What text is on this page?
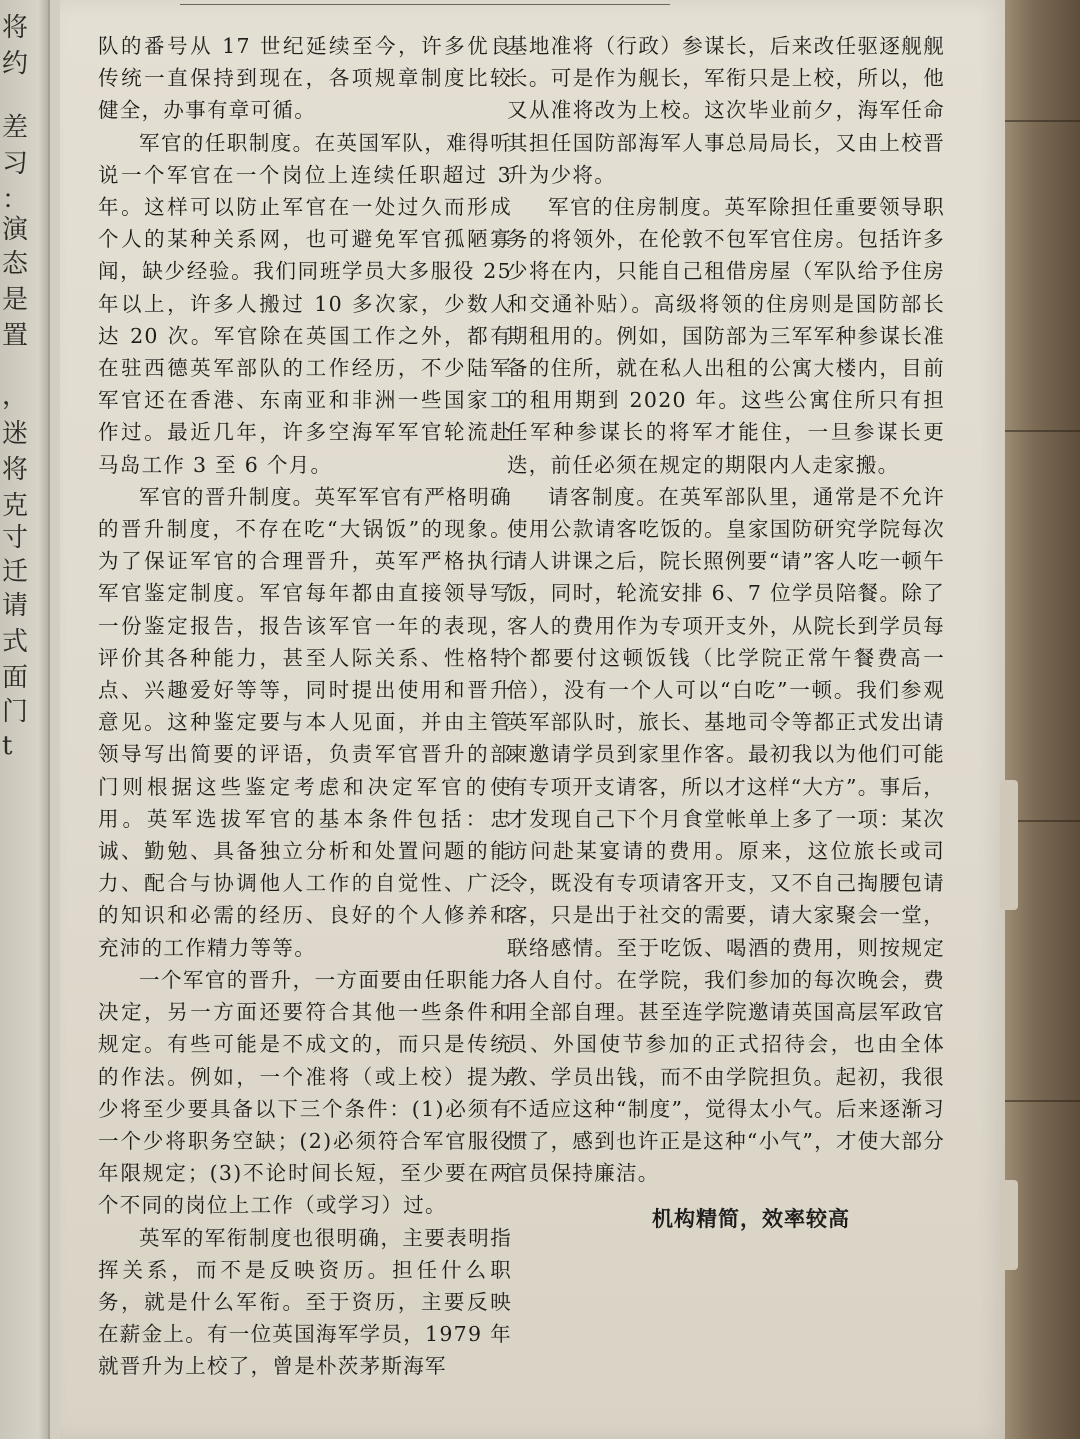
将
约
差
习
：
演
态
是
置
，
迷
将
克
寸
迁
请
式
面
门
t

队的番号从 17 世纪延续至今，许多优良传统一直保持到现在，各项规章制度比较健全，办事有章可循。

军官的任职制度。在英国军队，难得听说一个军官在一个岗位上连续任职超过 3 年。这样可以防止军官在一处过久而形成个人的某种关系网，也可避免军官孤陋寡闻，缺少经验。我们同班学员大多服役 25 年以上，许多人搬过 10 多次家，少数人达 20 次。军官除在英国工作之外，都有在驻西德英军部队的工作经历，不少陆军军官还在香港、东南亚和非洲一些国家工作过。最近几年，许多空海军军官轮流赴马岛工作 3 至 6 个月。

军官的晋升制度。英军军官有严格明确的晋升制度，不存在吃“大锅饭”的现象。为了保证军官的合理晋升，英军严格执行军官鉴定制度。军官每年都由直接领导写一份鉴定报告，报告该军官一年的表现，评价其各种能力，甚至人际关系、性格特点、兴趣爱好等等，同时提出使用和晋升意见。这种鉴定要与本人见面，并由主管领导写出简要的评语，负责军官晋升的部门则根据这些鉴定考虑和决定军官的使用。英军选拔军官的基本条件包括：忠诚、勤勉、具备独立分析和处置问题的能力、配合与协调他人工作的自觉性、广泛的知识和必需的经历、良好的个人修养和充沛的工作精力等等。

一个军官的晋升，一方面要由任职能力决定，另一方面还要符合其他一些条件和规定。有些可能是不成文的，而只是传统的作法。例如，一个准将（或上校）提为少将至少要具备以下三个条件：(1)必须有一个少将职务空缺；(2)必须符合军官服役年限规定；(3)不论时间长短，至少要在两个不同的岗位上工作（或学习）过。

英军的军衔制度也很明确，主要表明指挥关系，而不是反映资历。担任什么职务，就是什么军衔。至于资历，主要反映在薪金上。有一位英国海军学员，1979 年就晋升为上校了，曾是朴茨茅斯海军

基地准将（行政）参谋长，后来改任驱逐舰舰长。可是作为舰长，军衔只是上校，所以，他又从准将改为上校。这次毕业前夕，海军任命其担任国防部海军人事总局局长，又由上校晋升为少将。

军官的住房制度。英军除担任重要领导职务的将领外，在伦敦不包军官住房。包括许多少将在内，只能自己租借房屋（军队给予住房和交通补贴）。高级将领的住房则是国防部长期租用的。例如，国防部为三军军种参谋长准备的住所，就在私人出租的公寓大楼内，目前的租用期到 2020 年。这些公寓住所只有担任军种参谋长的将军才能住，一旦参谋长更迭，前任必须在规定的期限内人走家搬。

请客制度。在英军部队里，通常是不允许使用公款请客吃饭的。皇家国防研究学院每次请人讲课之后，院长照例要“请”客人吃一顿午饭，同时，轮流安排 6、7 位学员陪餐。除了客人的费用作为专项开支外，从院长到学员每个都要付这顿饭钱（比学院正常午餐费高一倍），没有一个人可以“白吃”一顿。我们参观英军部队时，旅长、基地司令等都正式发出请柬邀请学员到家里作客。最初我以为他们可能有专项开支请客，所以才这样“大方”。事后，才发现自己下个月食堂帐单上多了一项：某次访问赴某宴请的费用。原来，这位旅长或司令，既没有专项请客开支，又不自己掏腰包请客，只是出于社交的需要，请大家聚会一堂，联络感情。至于吃饭、喝酒的费用，则按规定各人自付。在学院，我们参加的每次晚会，费用全部自理。甚至连学院邀请英国高层军政官员、外国使节参加的正式招待会，也由全体教、学员出钱，而不由学院担负。起初，我很不适应这种“制度”，觉得太小气。后来逐渐习惯了，感到也许正是这种“小气”，才使大部分官员保持廉洁。

机构精简，效率较高
